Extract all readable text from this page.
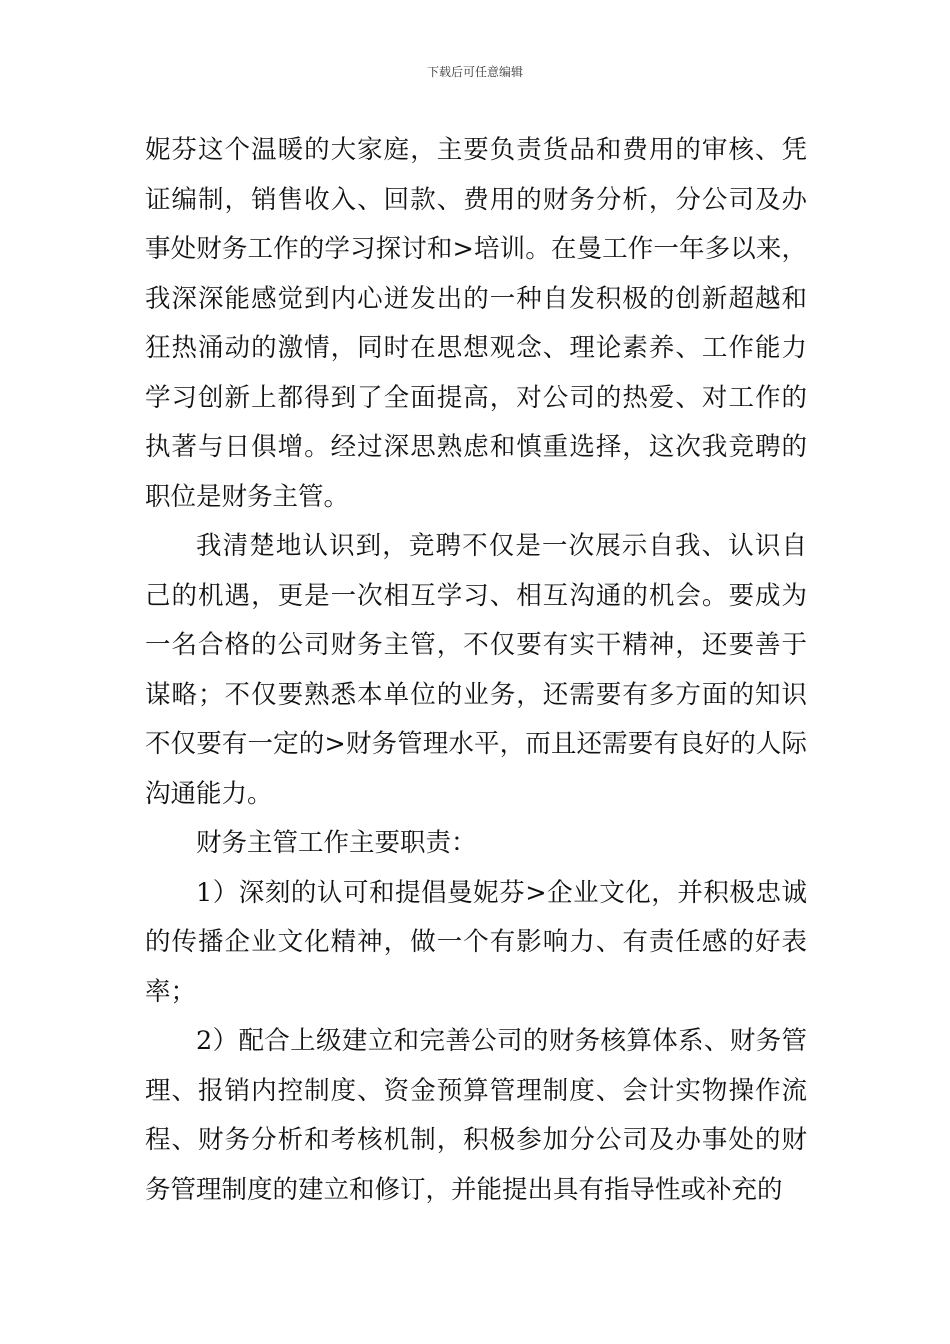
下载后可任意编辑

妮芬这个温暖的大家庭，主要负责货品和费用的审核、凭证编制，销售收入、回款、费用的财务分析，分公司及办事处财务工作的学习探讨和>培训。在曼工作一年多以来，我深深能感觉到内心迸发出的一种自发积极的创新超越和狂热涌动的激情，同时在思想观念、理论素养、工作能力学习创新上都得到了全面提高，对公司的热爱、对工作的执著与日俱增。经过深思熟虑和慎重选择，这次我竞聘的职位是财务主管。

我清楚地认识到，竞聘不仅是一次展示自我、认识自己的机遇，更是一次相互学习、相互沟通的机会。要成为一名合格的公司财务主管，不仅要有实干精神，还要善于谋略；不仅要熟悉本单位的业务，还需要有多方面的知识不仅要有一定的>财务管理水平，而且还需要有良好的人际沟通能力。

财务主管工作主要职责：

1）深刻的认可和提倡曼妮芬>企业文化，并积极忠诚的传播企业文化精神，做一个有影响力、有责任感的好表率；

2）配合上级建立和完善公司的财务核算体系、财务管理、报销内控制度、资金预算管理制度、会计实物操作流程、财务分析和考核机制，积极参加分公司及办事处的财务管理制度的建立和修订，并能提出具有指导性或补充的
